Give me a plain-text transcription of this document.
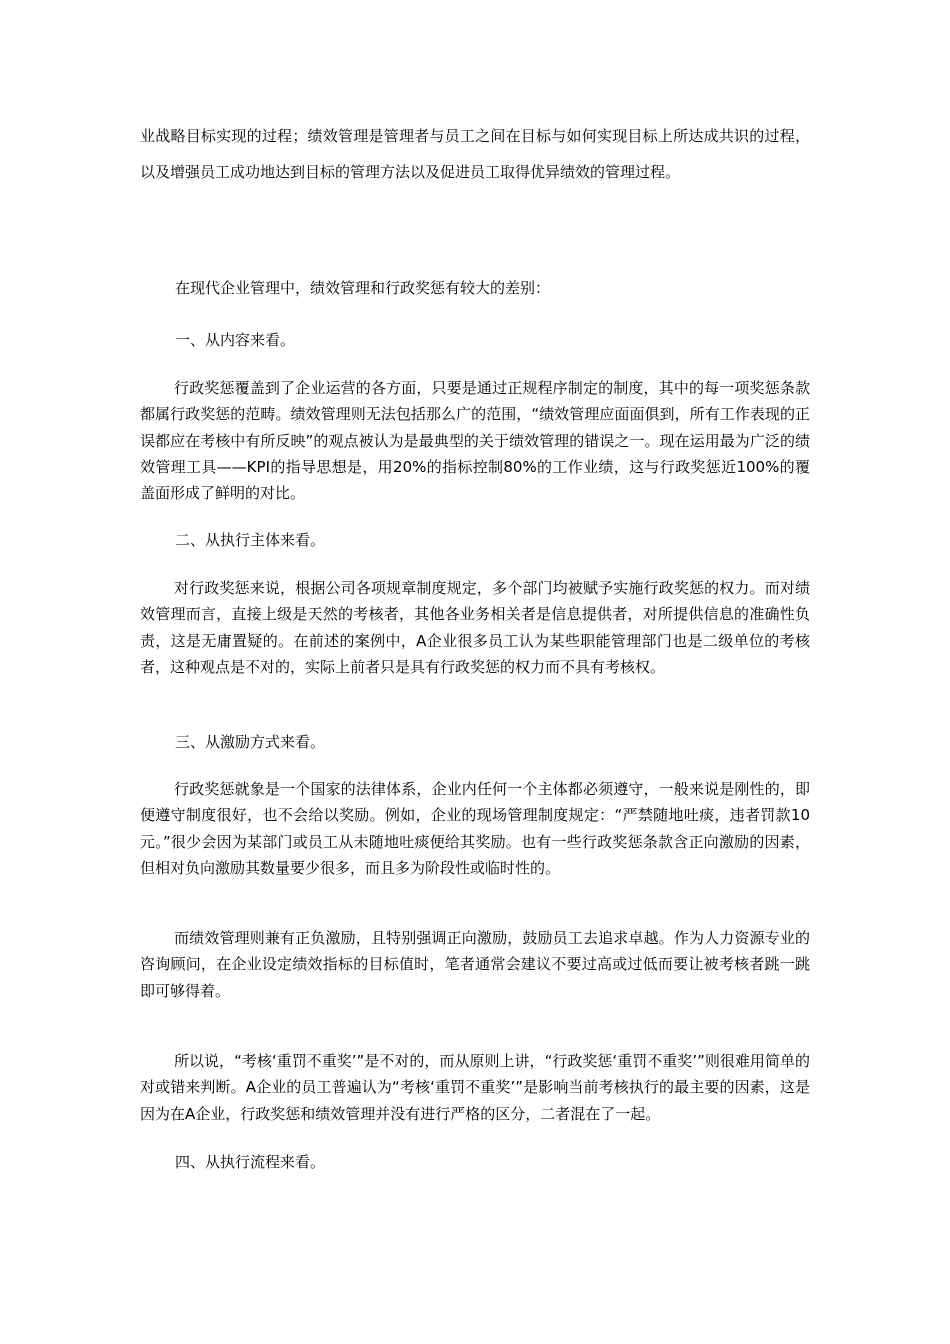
业战略目标实现的过程；绩效管理是管理者与员工之间在目标与如何实现目标上所达成共识的过程，以及增强员工成功地达到目标的管理方法以及促进员工取得优异绩效的管理过程。

在现代企业管理中，绩效管理和行政奖惩有较大的差别：

一、从内容来看。

行政奖惩覆盖到了企业运营的各方面，只要是通过正规程序制定的制度，其中的每一项奖惩条款都属行政奖惩的范畴。绩效管理则无法包括那么广的范围，“绩效管理应面面俱到，所有工作表现的正误都应在考核中有所反映”的观点被认为是最典型的关于绩效管理的错误之一。现在运用最为广泛的绩效管理工具——KPI的指导思想是，用20%的指标控制80%的工作业绩，这与行政奖惩近100%的覆盖面形成了鲜明的对比。

二、从执行主体来看。

对行政奖惩来说，根据公司各项规章制度规定，多个部门均被赋予实施行政奖惩的权力。而对绩效管理而言，直接上级是天然的考核者，其他各业务相关者是信息提供者，对所提供信息的准确性负责，这是无庸置疑的。在前述的案例中，A企业很多员工认为某些职能管理部门也是二级单位的考核者，这种观点是不对的，实际上前者只是具有行政奖惩的权力而不具有考核权。

三、从激励方式来看。

行政奖惩就象是一个国家的法律体系，企业内任何一个主体都必须遵守，一般来说是刚性的，即便遵守制度很好，也不会给以奖励。例如，企业的现场管理制度规定：“严禁随地吐痰，违者罚款10元。”很少会因为某部门或员工从未随地吐痰便给其奖励。也有一些行政奖惩条款含正向激励的因素，但相对负向激励其数量要少很多，而且多为阶段性或临时性的。

而绩效管理则兼有正负激励，且特别强调正向激励，鼓励员工去追求卓越。作为人力资源专业的咨询顾问，在企业设定绩效指标的目标值时，笔者通常会建议不要过高或过低而要让被考核者跳一跳即可够得着。

所以说，“考核‘重罚不重奖’”是不对的，而从原则上讲，“行政奖惩‘重罚不重奖’”则很难用简单的对或错来判断。A企业的员工普遍认为“考核‘重罚不重奖’”是影响当前考核执行的最主要的因素，这是因为在A企业，行政奖惩和绩效管理并没有进行严格的区分，二者混在了一起。

四、从执行流程来看。
